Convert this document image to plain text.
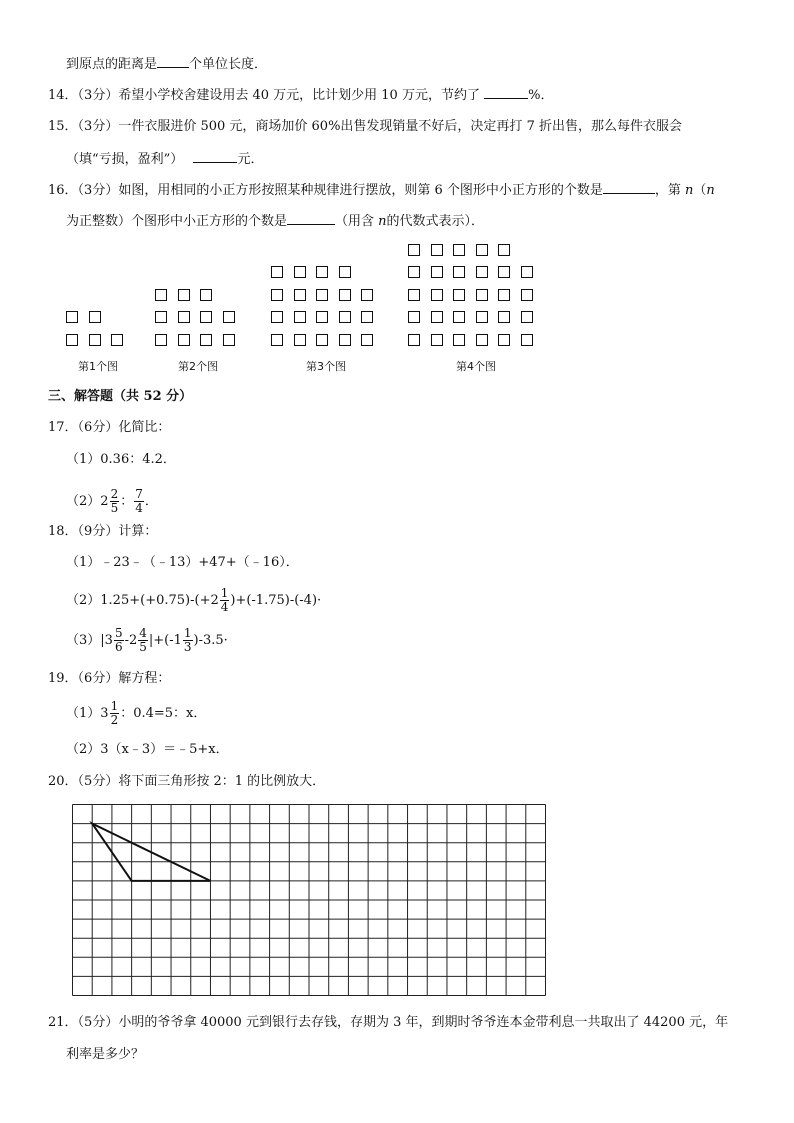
到原点的距离是 个单位长度．
14．（3分）希望小学校舍建设用去 40 万元，比计划少用 10 万元，节约了	%．
15．（3分）一件衣服进价 500 元，商场加价 60%出售发现销量不好后，决定再打 7 折出售，那么每件衣服会
（填“亏损，盈利”）	元．
16．（3分）如图，用相同的小正方形按照某种规律进行摆放，则第 6 个图形中小正方形的个数是	，第 n（n
为正整数）个图形中小正方形的个数是	（用含 n的代数式表示）．
第1个图	第2个图	第3个图	第4个图
三、解答题（共 52 分）
17．（6分）化简比：
（1）0.36：4.2．
$(2)2 \frac{2}{5}$ ： $\frac{7}{4}$ ．
18．（9分）计算：
（1）﹣23﹣（﹣13）+47+（﹣16）．
$(2)1.25+(+0.75)-(+2 \frac{1}{4} )+(-1.75)-(-4)\cdot$
$(3)|3 \frac{5}{6} -2 \frac{4}{5} |+(-1 \frac{1}{3} )-3.5\cdot$
19．（6分）解方程：
$(1)3 \frac{1}{2}$ ：0.4=5：x．
（2）3（x﹣3）＝﹣5+x．
20．（5分）将下面三角形按 2：1 的比例放大．
21．（5分）小明的爷爷拿 40000 元到银行去存钱，存期为 3 年，到期时爷爷连本金带利息一共取出了 44200 元，年
利率是多少？
